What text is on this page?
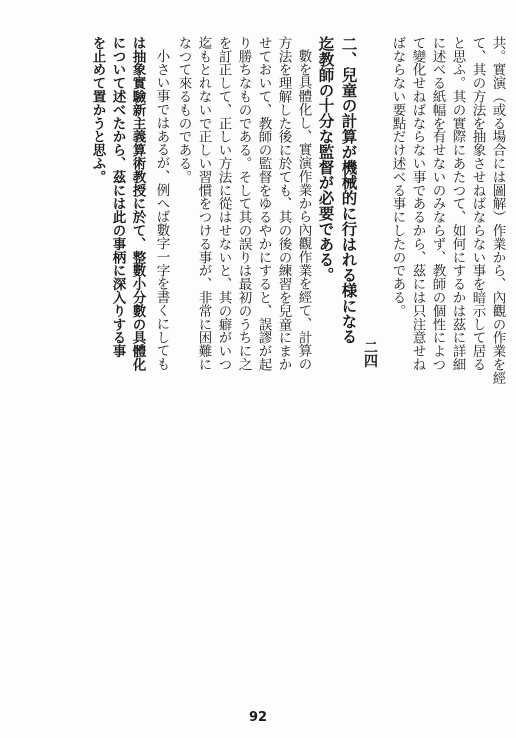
共。實演（或る場合には圖解）作業から、內觀の作業を經
て、其の方法を抽象させねばならない事を暗示して居る
と思ふ。其の實際にあたつて、如何にするかは茲に詳細
に述べる紙幅を有せないのみならず、教師の個性によつ
て變化せねばならない事であるから、茲には只注意せね
ばならない要點だけ述べる事にしたのである。
二四
二、兒童の計算が機械的に行はれる様になる
迄教師の十分な監督が必要である。
數を具體化し、實演作業から內觀作業を經て、計算の
方法を理解した後に於ても、其の後の練習を兒童にまか
せておいて、教師の監督をゆるやかにすると、誤謬が起
り勝ちなものである。そして其の誤りは最初のうちに之
を訂正して、正しい方法に從はせないと、其の癖がいつ
迄もとれないで正しい習慣をつける事が、非常に困難に
なつて來るものである。
小さい事ではあるが、例へば數字一字を書くにしても
は抽象實驗新主義算術教授に於て、整數小分數の具體化
について述べたから、茲には此の事柄に深入りする事
を止めて置かうと思ふ。
92
